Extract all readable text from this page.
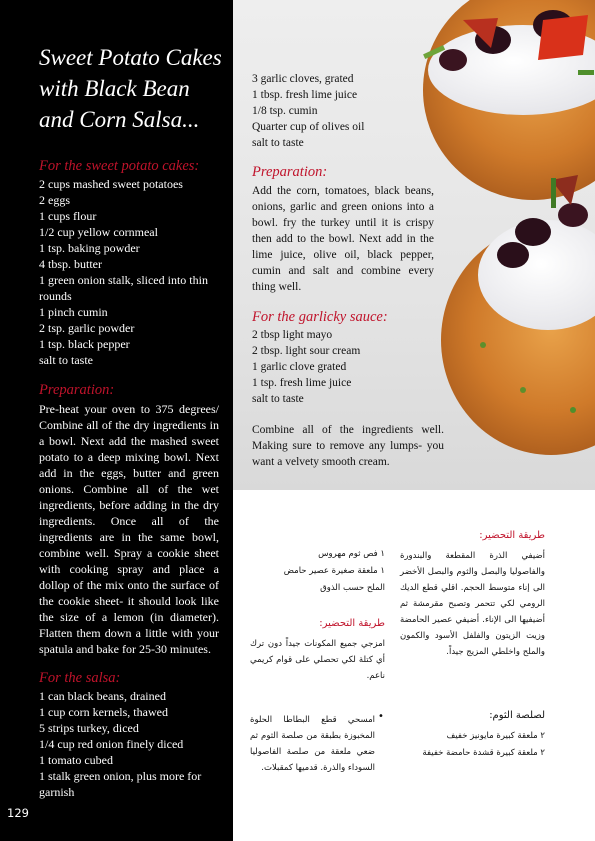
Sweet Potato Cakes
with Black Bean
and Corn Salsa...
For the sweet potato cakes:
2 cups mashed sweet potatoes
2 eggs
1 cups flour
1/2 cup yellow cornmeal
1 tsp. baking powder
4 tbsp. butter
1 green onion stalk, sliced into thin
rounds
1 pinch cumin
2 tsp. garlic powder
1 tsp. black pepper
salt to taste
Preparation:
Pre-heat your oven to 375 degrees/ Combine all of the dry ingredients in a bowl. Next add the mashed sweet potato to a deep mixing bowl. Next add in the eggs, butter and green onions. Combine all of the wet ingredients, before adding in the dry ingredients. Once all of the ingredients are in the same bowl, combine well. Spray a cookie sheet with cooking spray and place a dollop of the mix onto the surface of the cookie sheet- it should look like the size of a lemon (in diameter). Flatten them down a little with your spatula and bake for 25-30 minutes.
For the salsa:
1 can black beans, drained
1 cup corn kernels, thawed
5 strips turkey, diced
1/4 cup red onion finely diced
1 tomato cubed
1 stalk green onion, plus more for
garnish
129
3 garlic cloves, grated
1 tbsp. fresh lime juice
1/8 tsp. cumin
Quarter cup of olives oil
salt to taste
Preparation:
Add the corn, tomatoes, black beans, onions, garlic and green onions into a bowl. fry the turkey until it is crispy then add to the bowl. Next add in the lime juice, olive oil, black pepper, cumin and salt and combine every thing well.
For the garlicky sauce:
2 tbsp light mayo
2 tbsp. light sour cream
1 garlic clove grated
1 tsp. fresh lime juice
salt to taste
Combine all of the ingredients well. Making sure to remove any lumps- you want a velvety smooth cream.
طريقة التحضير:
أضيفي الذرة المقطعة والبندورة والفاصوليا والبصل والثوم والبصل الأخضر الى إناء متوسط الحجم. اقلي قطع الديك الرومي لكي تتحمر وتصبح مقرمشة ثم أضيفيها الى الإناء. أضيفي عصير الحامضة وزيت الزيتون والفلفل الأسود والكمون والملح واخلطي المزيج جيداً.
لصلصة الثوم:
٢ ملعقة كبيرة مايونيز خفيف
٢ ملعقة كبيرة قشدة حامضة خفيفة
١ فص ثوم مهروس
١ ملعقة صغيرة عصير حامض
الملح حسب الذوق
طريقة التحضير:
امزجي جميع المكونات جيداً دون ترك أي كتلة لكي تحصلي على قوام كريمي ناعم.
امسحي قطع البطاطا الحلوة المخبوزة بطبقة من صلصة الثوم ثم ضعي ملعقة من صلصة الفاصوليا السوداء والذرة. قدميها كمقبلات.
•
